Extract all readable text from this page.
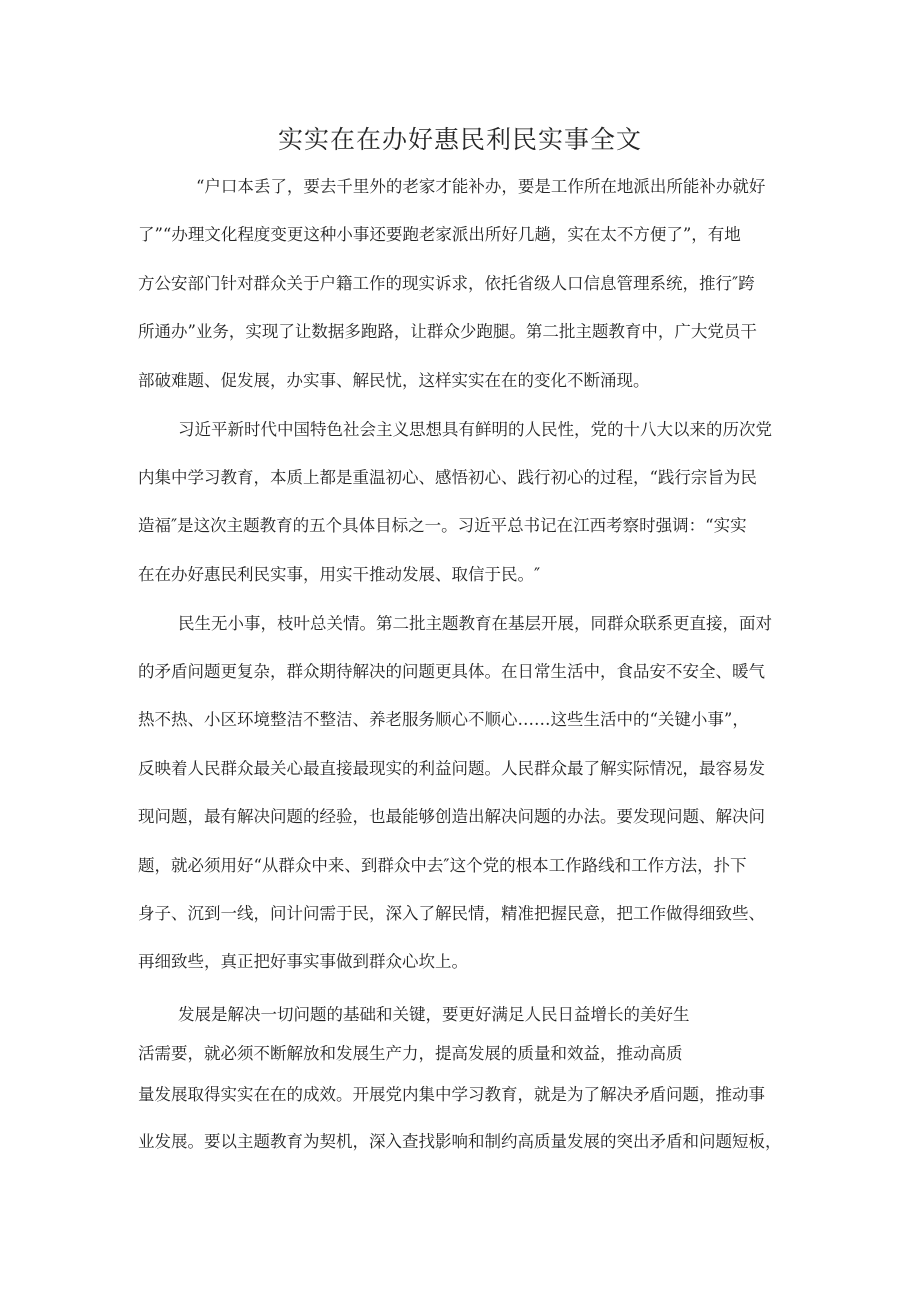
实实在在办好惠民利民实事全文

“户口本丢了，要去千里外的老家才能补办，要是工作所在地派出所能补办就好

了”“办理文化程度变更这种小事还要跑老家派出所好几趟，实在太不方便了”，有地

方公安部门针对群众关于户籍工作的现实诉求，依托省级人口信息管理系统，推行″跨

所通办”业务，实现了让数据多跑路，让群众少跑腿。第二批主题教育中，广大党员干

部破难题、促发展，办实事、解民忧，这样实实在在的变化不断涌现。

习近平新时代中国特色社会主义思想具有鲜明的人民性，党的十八大以来的历次党

内集中学习教育，本质上都是重温初心、感悟初心、践行初心的过程，“践行宗旨为民

造福″是这次主题教育的五个具体目标之一。习近平总书记在江西考察时强调：“实实

在在办好惠民利民实事，用实干推动发展、取信于民。″

民生无小事，枝叶总关情。第二批主题教育在基层开展，同群众联系更直接，面对

的矛盾问题更复杂，群众期待解决的问题更具体。在日常生活中，食品安不安全、暖气

热不热、小区环境整洁不整洁、养老服务顺心不顺心……这些生活中的“关键小事”，

反映着人民群众最关心最直接最现实的利益问题。人民群众最了解实际情况，最容易发

现问题，最有解决问题的经验，也最能够创造出解决问题的办法。要发现问题、解决问

题，就必须用好“从群众中来、到群众中去″这个党的根本工作路线和工作方法，扑下

身子、沉到一线，问计问需于民，深入了解民情，精准把握民意，把工作做得细致些、

再细致些，真正把好事实事做到群众心坎上。

发展是解决一切问题的基础和关键，要更好满足人民日益增长的美好生

活需要，就必须不断解放和发展生产力，提高发展的质量和效益，推动高质

量发展取得实实在在的成效。开展党内集中学习教育，就是为了解决矛盾问题，推动事

业发展。要以主题教育为契机，深入查找影响和制约高质量发展的突出矛盾和问题短板，
